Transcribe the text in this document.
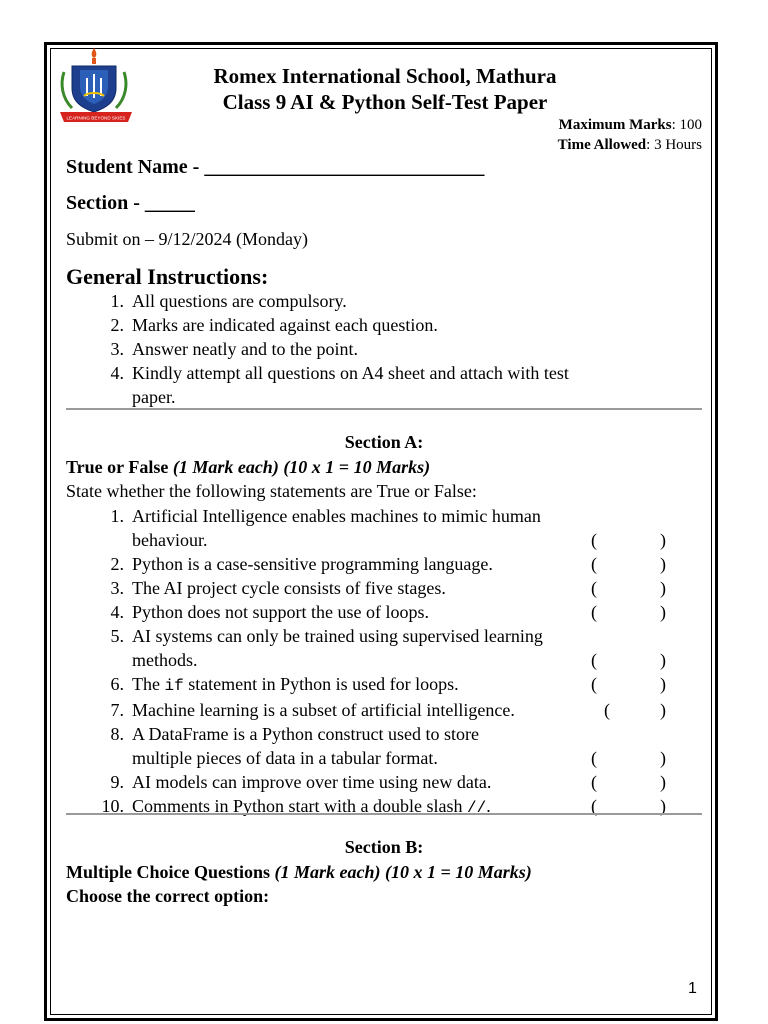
LEARNING BEYOND SKIES
Romex International School, Mathura
Class 9 AI & Python Self-Test Paper
Maximum Marks: 100
Time Allowed: 3 Hours
Student Name - ____________________________
Section - _____
Submit on – 9/12/2024 (Monday)
General Instructions:
1. All questions are compulsory.
2. Marks are indicated against each question.
3. Answer neatly and to the point.
4. Kindly attempt all questions on A4 sheet and attach with test
paper.
Section A:
True or False (1 Mark each) (10 x 1 = 10 Marks)
State whether the following statements are True or False:
1. Artificial Intelligence enables machines to mimic human
behaviour.	(	)
2. Python is a case-sensitive programming language.	(	)
3. The AI project cycle consists of five stages.	(	)
4. Python does not support the use of loops.	(	)
5. AI systems can only be trained using supervised learning
methods.	(	)
6. The if statement in Python is used for loops.	(	)
7. Machine learning is a subset of artificial intelligence.	(	)
8. A DataFrame is a Python construct used to store
multiple pieces of data in a tabular format.	(	)
9. AI models can improve over time using new data.	(	)
10. Comments in Python start with a double slash //.	(	)
Section B:
Multiple Choice Questions (1 Mark each) (10 x 1 = 10 Marks)
Choose the correct option:
1
